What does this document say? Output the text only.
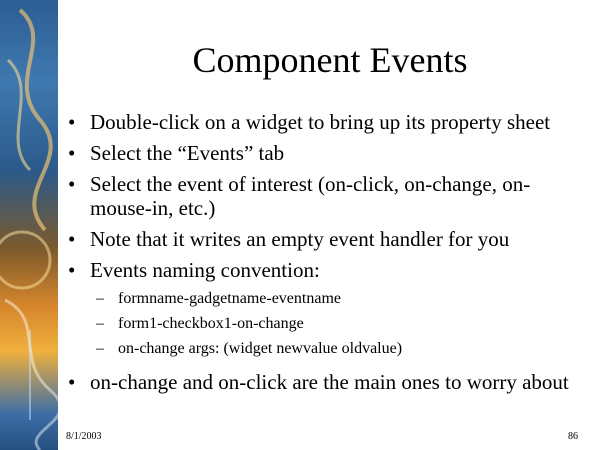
Component Events
• Double-click on a widget to bring up its property sheet
• Select the “Events” tab
• Select the event of interest (on-click, on-change, on-mouse-in, etc.)
• Note that it writes an empty event handler for you
• Events naming convention:
– formname-gadgetname-eventname
– form1-checkbox1-on-change
– on-change args: (widget newvalue oldvalue)
• on-change and on-click are the main ones to worry about
8/1/2003	86
